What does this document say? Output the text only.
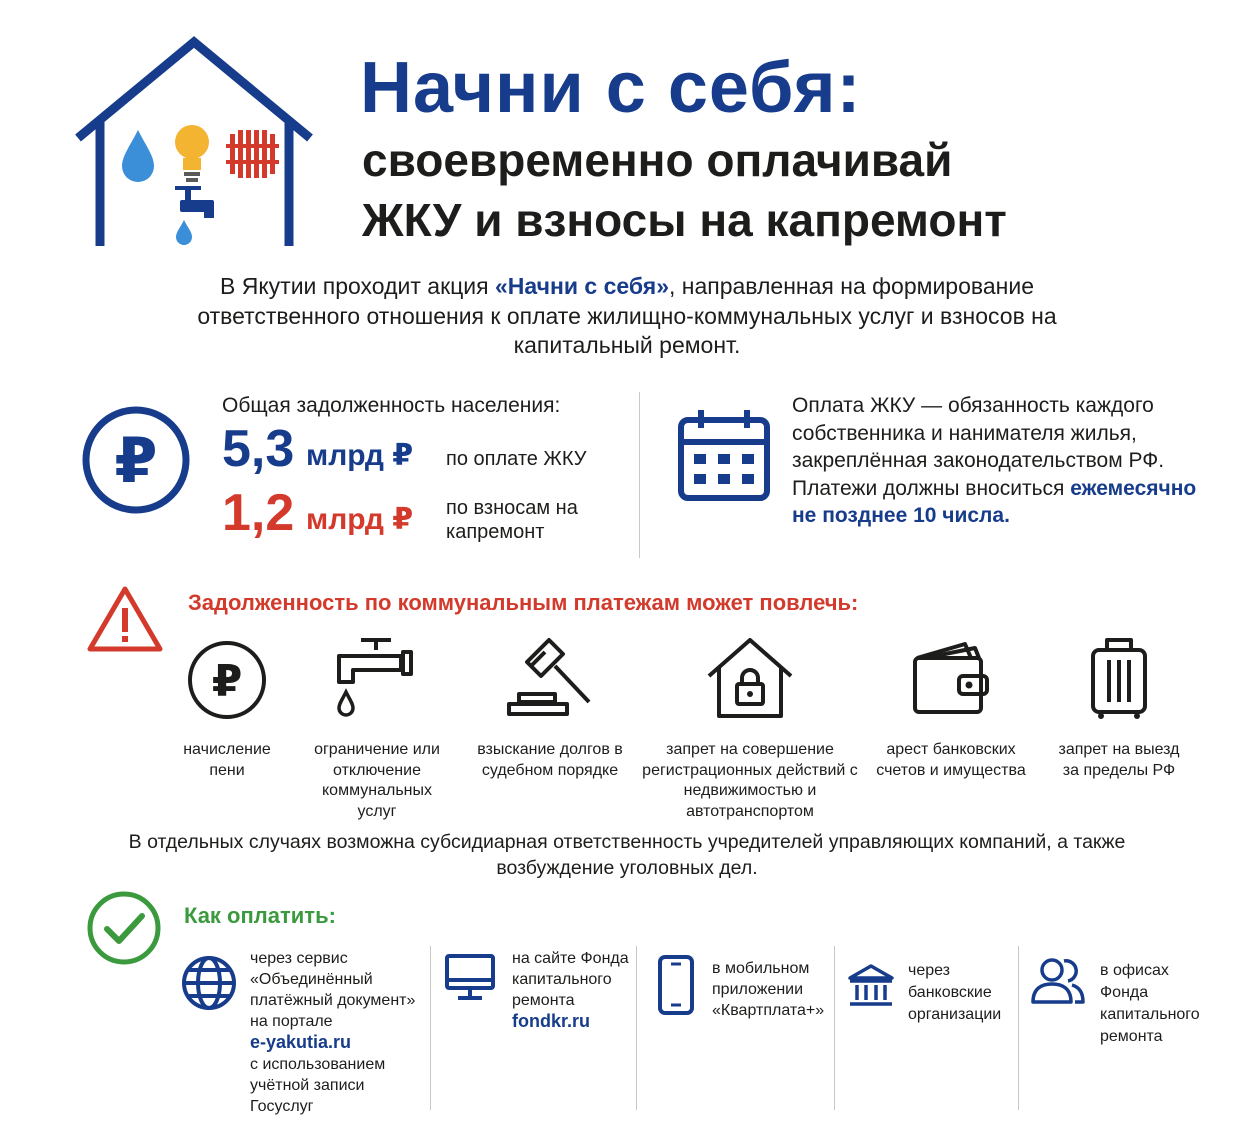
Начни с себя:
своевременно оплачивай
ЖКУ и взносы на капремонт
В Якутии проходит акция «Начни с себя», направленная на формирование ответственного отношения к оплате жилищно-коммунальных услуг и взносов на капитальный ремонт.
₽
Общая задолженность населения:
5,3 млрд ₽ по оплате ЖКУ
1,2 млрд ₽ по взносам на капремонт
Оплата ЖКУ — обязанность каждого собственника и нанимателя жилья, закреплённая законодательством РФ. Платежи должны вноситься ежемесячно не позднее 10 числа.
Задолженность по коммунальным платежам может повлечь:
₽
начисление пени
ограничение или отключение коммунальных услуг
взыскание долгов в судебном порядке
запрет на совершение регистрационных действий с недвижимостью и автотранспортом
арест банковских счетов и имущества
запрет на выезд за пределы РФ
В отдельных случаях возможна субсидиарная ответственность учредителей управляющих компаний, а также возбуждение уголовных дел.
Как оплатить:
через сервис «Объединённый платёжный документ» на портале
e-yakutia.ru
с использованием учётной записи Госуслуг
на сайте Фонда капитального ремонта
fondkr.ru
в мобильном приложении «Квартплата+»
через банковские организации
в офисах Фонда капитального ремонта
